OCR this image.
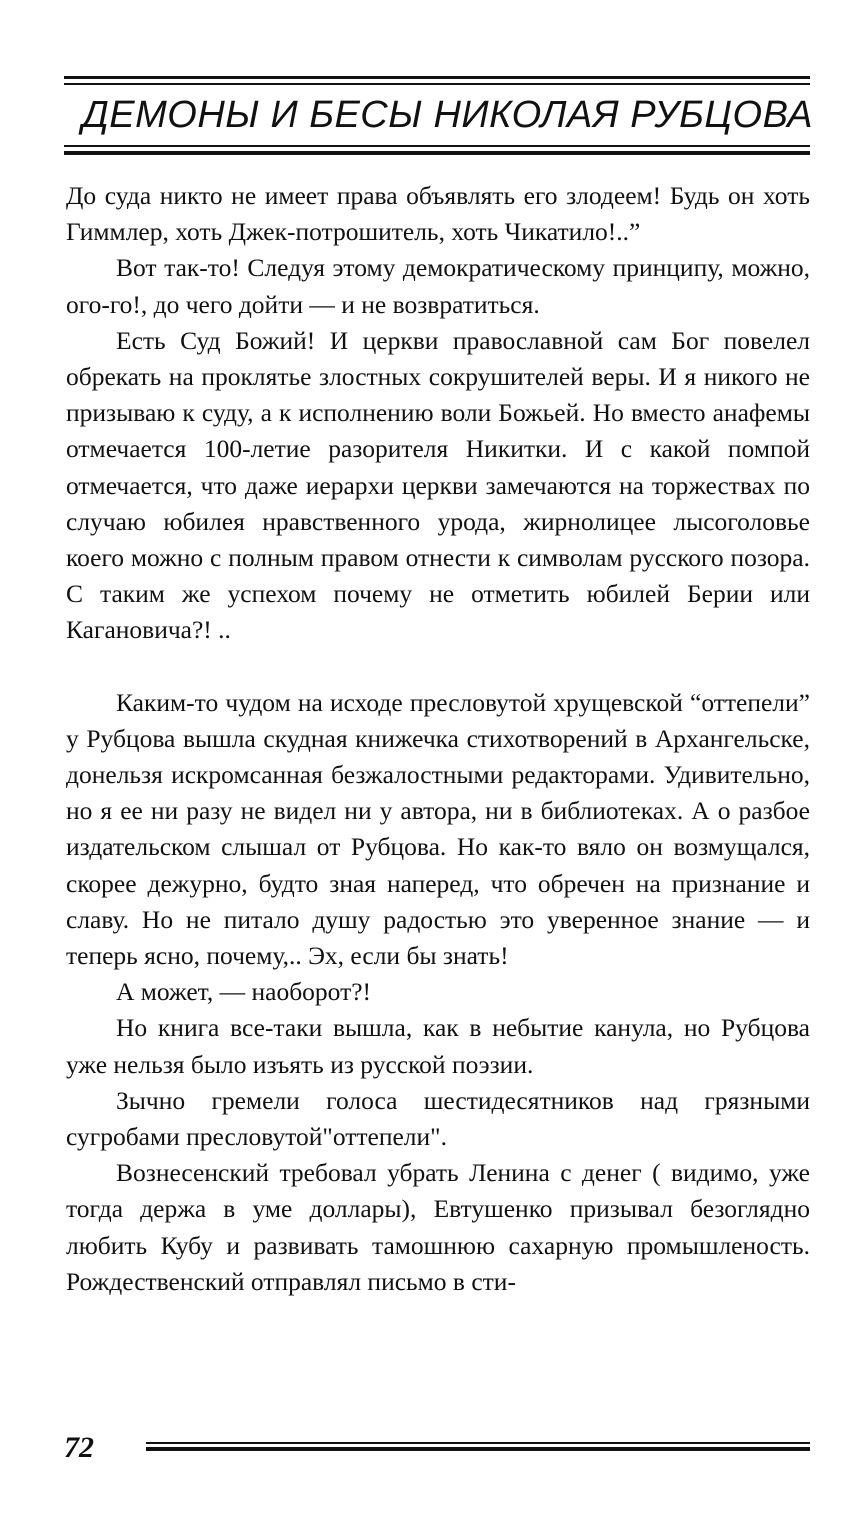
ДЕМОНЫ И БЕСЫ НИКОЛАЯ РУБЦОВА

До суда никто не имеет права объявлять его злодеем! Будь он хоть Гиммлер, хоть Джек-потрошитель, хоть Чикатило!..”

Вот так-то! Следуя этому демократическому принципу, можно, ого-го!, до чего дойти — и не возвратиться.

Есть Суд Божий! И церкви православной сам Бог повелел обрекать на проклятье злостных сокрушителей веры. И я никого не призываю к суду, а к исполнению воли Божьей. Но вместо анафемы отмечается 100-летие разорителя Никитки. И с какой помпой отмечается, что даже иерархи церкви замечаются на торжествах по случаю юбилея нравственного урода, жирнолицее лысоголовье коего можно с полным правом отнести к символам русского позора. С таким же успехом почему не отметить юбилей Берии или Кагановича?! ..

Каким-то чудом на исходе пресловутой хрущевской “оттепели” у Рубцова вышла скудная книжечка стихотворений в Архангельске, донельзя искромсанная безжалостными редакторами. Удивительно, но я ее ни разу не видел ни у автора, ни в библиотеках. А о разбое издательском слышал от Рубцова. Но как-то вяло он возмущался, скорее дежурно, будто зная наперед, что обречен на признание и славу. Но не питало душу радостью это уверенное знание — и теперь ясно, почему,.. Эх, если бы знать!

А может, — наоборот?!

Но книга все-таки вышла, как в небытие канула, но Рубцова уже нельзя было изъять из русской поэзии.

Зычно гремели голоса шестидесятников над грязными сугробами пресловутой"оттепели".

Вознесенский требовал убрать Ленина с денег ( видимо, уже тогда держа в уме доллары), Евтушенко призывал безоглядно любить Кубу и развивать тамошнюю сахарную промышленость. Рождественский отправлял письмо в сти-

72
